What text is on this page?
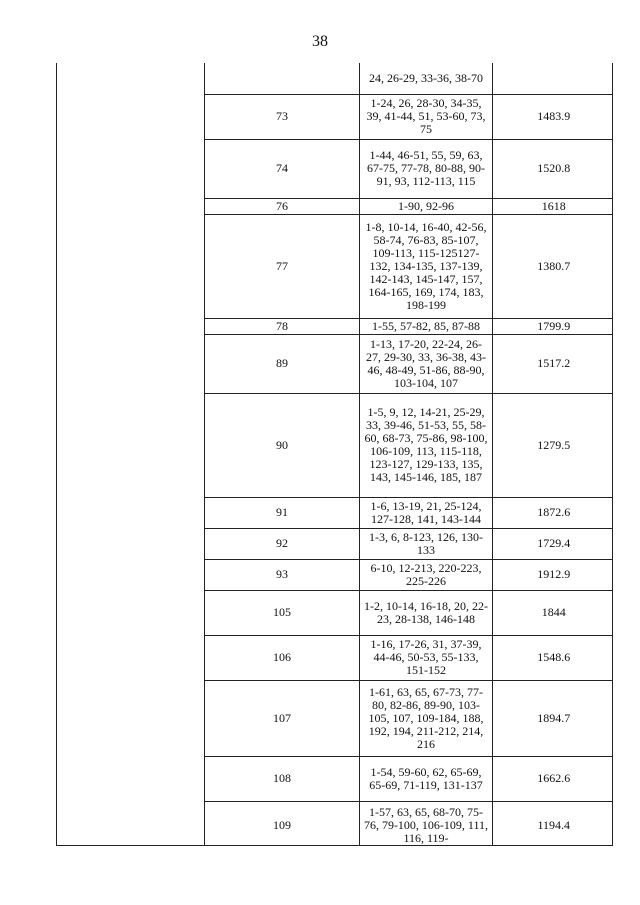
38
	24, 26-29, 33-36, 38-70	
73	1-24, 26, 28-30, 34-35, 39, 41-44, 51, 53-60, 73, 75	1483.9
74	1-44, 46-51, 55, 59, 63, 67-75, 77-78, 80-88, 90-91, 93, 112-113, 115	1520.8
76	1-90, 92-96	1618
77	1-8, 10-14, 16-40, 42-56, 58-74, 76-83, 85-107, 109-113, 115-125127-132, 134-135, 137-139, 142-143, 145-147, 157, 164-165, 169, 174, 183, 198-199	1380.7
78	1-55, 57-82, 85, 87-88	1799.9
89	1-13, 17-20, 22-24, 26-27, 29-30, 33, 36-38, 43-46, 48-49, 51-86, 88-90, 103-104, 107	1517.2
90	1-5, 9, 12, 14-21, 25-29, 33, 39-46, 51-53, 55, 58-60, 68-73, 75-86, 98-100, 106-109, 113, 115-118, 123-127, 129-133, 135, 143, 145-146, 185, 187	1279.5
91	1-6, 13-19, 21, 25-124, 127-128, 141, 143-144	1872.6
92	1-3, 6, 8-123, 126, 130-133	1729.4
93	6-10, 12-213, 220-223, 225-226	1912.9
105	1-2, 10-14, 16-18, 20, 22-23, 28-138, 146-148	1844
106	1-16, 17-26, 31, 37-39, 44-46, 50-53, 55-133, 151-152	1548.6
107	1-61, 63, 65, 67-73, 77-80, 82-86, 89-90, 103-105, 107, 109-184, 188, 192, 194, 211-212, 214, 216	1894.7
108	1-54, 59-60, 62, 65-69, 65-69, 71-119, 131-137	1662.6
109	1-57, 63, 65, 68-70, 75-76, 79-100, 106-109, 111, 116, 119-	1194.4
